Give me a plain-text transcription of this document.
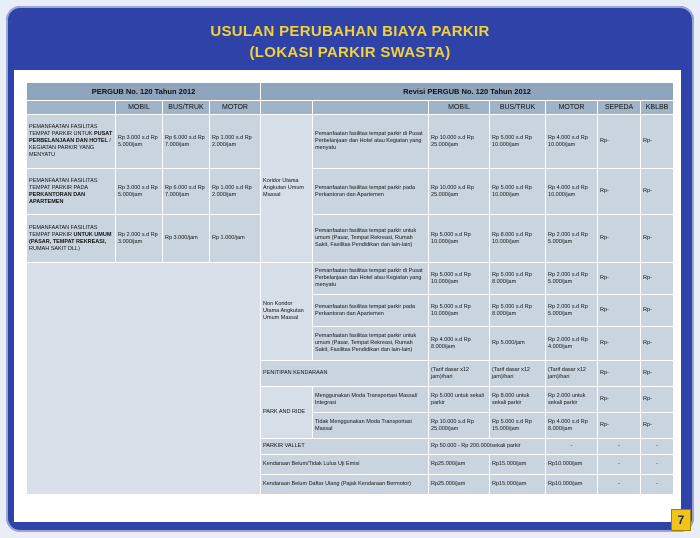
USULAN PERUBAHAN BIAYA PARKIR
(LOKASI PARKIR SWASTA)
PERGUB No. 120 Tahun 2012				Revisi PERGUB No. 120 Tahun 2012						
	MOBIL	BUS/TRUK	MOTOR			MOBIL	BUS/TRUK	MOTOR	SEPEDA	KBLBB
PEMANFAATAN FASILITAS TEMPAT PARKIR UNTUK PUSAT PERBELANJAAN DAN HOTEL / KEGIATAN PARKIR YANG MENYATU	Rp 3.000 s.d Rp 5.000/jam	Rp 6.000 s.d Rp 7.000/jam	Rp 1.000 s.d Rp 2.000/jam	Koridor Utama Angkutan Umum Massal	Pemanfaatan fasilitas tempat parkir di Pusat Perbelanjaan dan Hotel atau Kegiatan yang menyatu	Rp 10.000 s.d Rp 25.000/jam	Rp 5.000 s.d Rp 10.000/jam	Rp 4.000 s.d Rp 10.000/jam	Rp-	Rp-
PEMANFAATAN FASILITAS TEMPAT PARKIR PADA PERKANTORAN DAN APARTEMEN	Rp 3.000 s.d Rp 5.000/jam	Rp 6.000 s.d Rp 7.000/jam	Rp 1.000 s.d Rp 2.000/jam		Pemanfaatan fasilitas tempat parkir pada Perkantoran dan Apartemen	Rp 10.000 s.d Rp 25.000/jam	Rp 5.000 s.d Rp 10.000/jam	Rp 4.000 s.d Rp 10.000/jam	Rp-	Rp-
PEMANFAATAN FASILITAS TEMPAT PARKIR UNTUK UMUM (PASAR, TEMPAT REKREASI, RUMAH SAKIT DLL)	Rp 2.000 s.d Rp 3.000/jam	Rp 3.000/jam	Rp 1.000/jam		Pemanfaatan fasilitas tempat parkir untuk umum (Pasar, Tempat Rekreasi, Rumah Sakit, Fasilitas Pendidikan dan lain-lain)	Rp 5.000 s.d Rp 10.000/jam	Rp 8.000 s.d Rp 10.000/jam	Rp 2.000 s.d Rp 5.000/jam	Rp-	Rp-
				Non Koridor Utama Angkutan Umum Massal	Pemanfaatan fasilitas tempat parkir di Pusat Perbelanjaan dan Hotel atau Kegiatan yang menyatu	Rp 5.000 s.d Rp 10.000/jam	Rp 5.000 s.d Rp 8.000/jam	Rp 2.000 s.d Rp 5.000/jam	Rp-	Rp-
					Pemanfaatan fasilitas tempat parkir pada Perkantoran dan Apartemen	Rp 5.000 s.d Rp 10.000/jam	Rp 5.000 s.d Rp 8.000/jam	Rp 2.000 s.d Rp 5.000/jam	Rp-	Rp-
					Pemanfaatan fasilitas tempat parkir untuk umum (Pasar, Tempat Rekreasi, Rumah Sakit, Fasilitas Pendidikan dan lain-lain)	Rp 4.000 s.d Rp 8.000/jam	Rp 5.000/jam	Rp 2.000 s.d Rp 4.000/jam	Rp-	Rp-
				PENITIPAN KENDARAAN		(Tarif dasar x12 jam)/hari	(Tarif dasar x12 jam)/hari	(Tarif dasar x12 jam)/hari	Rp-	Rp-
				PARK AND RIDE	Menggunakan Moda Transportasi Massal/ Integrasi	Rp 5.000 untuk sekali parkir	Rp 8.000 untuk sekali parkir	Rp 2.000 untuk sekali parkir	Rp-	Rp-
					Tidak Menggunakan Moda Transportasi Massal	Rp 10.000 s.d Rp 25.000/jam	Rp 5.000 s.d Rp 15.000/jam	Rp 4.000 s.d Rp 8.000/jam	Rp-	Rp-
				PARKIR VALLET		Rp 50.000 - Rp 200.000/sekali parkir		-	-	-
				Kendaraan Belum/Tidak Lulus Uji Emisi		Rp25.000/jam	Rp15.000/jam	Rp10.000/jam	-	-
				Kendaraan Belum Daftar Ulang (Pajak Kendaraan Bermotor)		Rp25.000/jam	Rp15.000/jam	Rp10.000/jam	-	-
7
